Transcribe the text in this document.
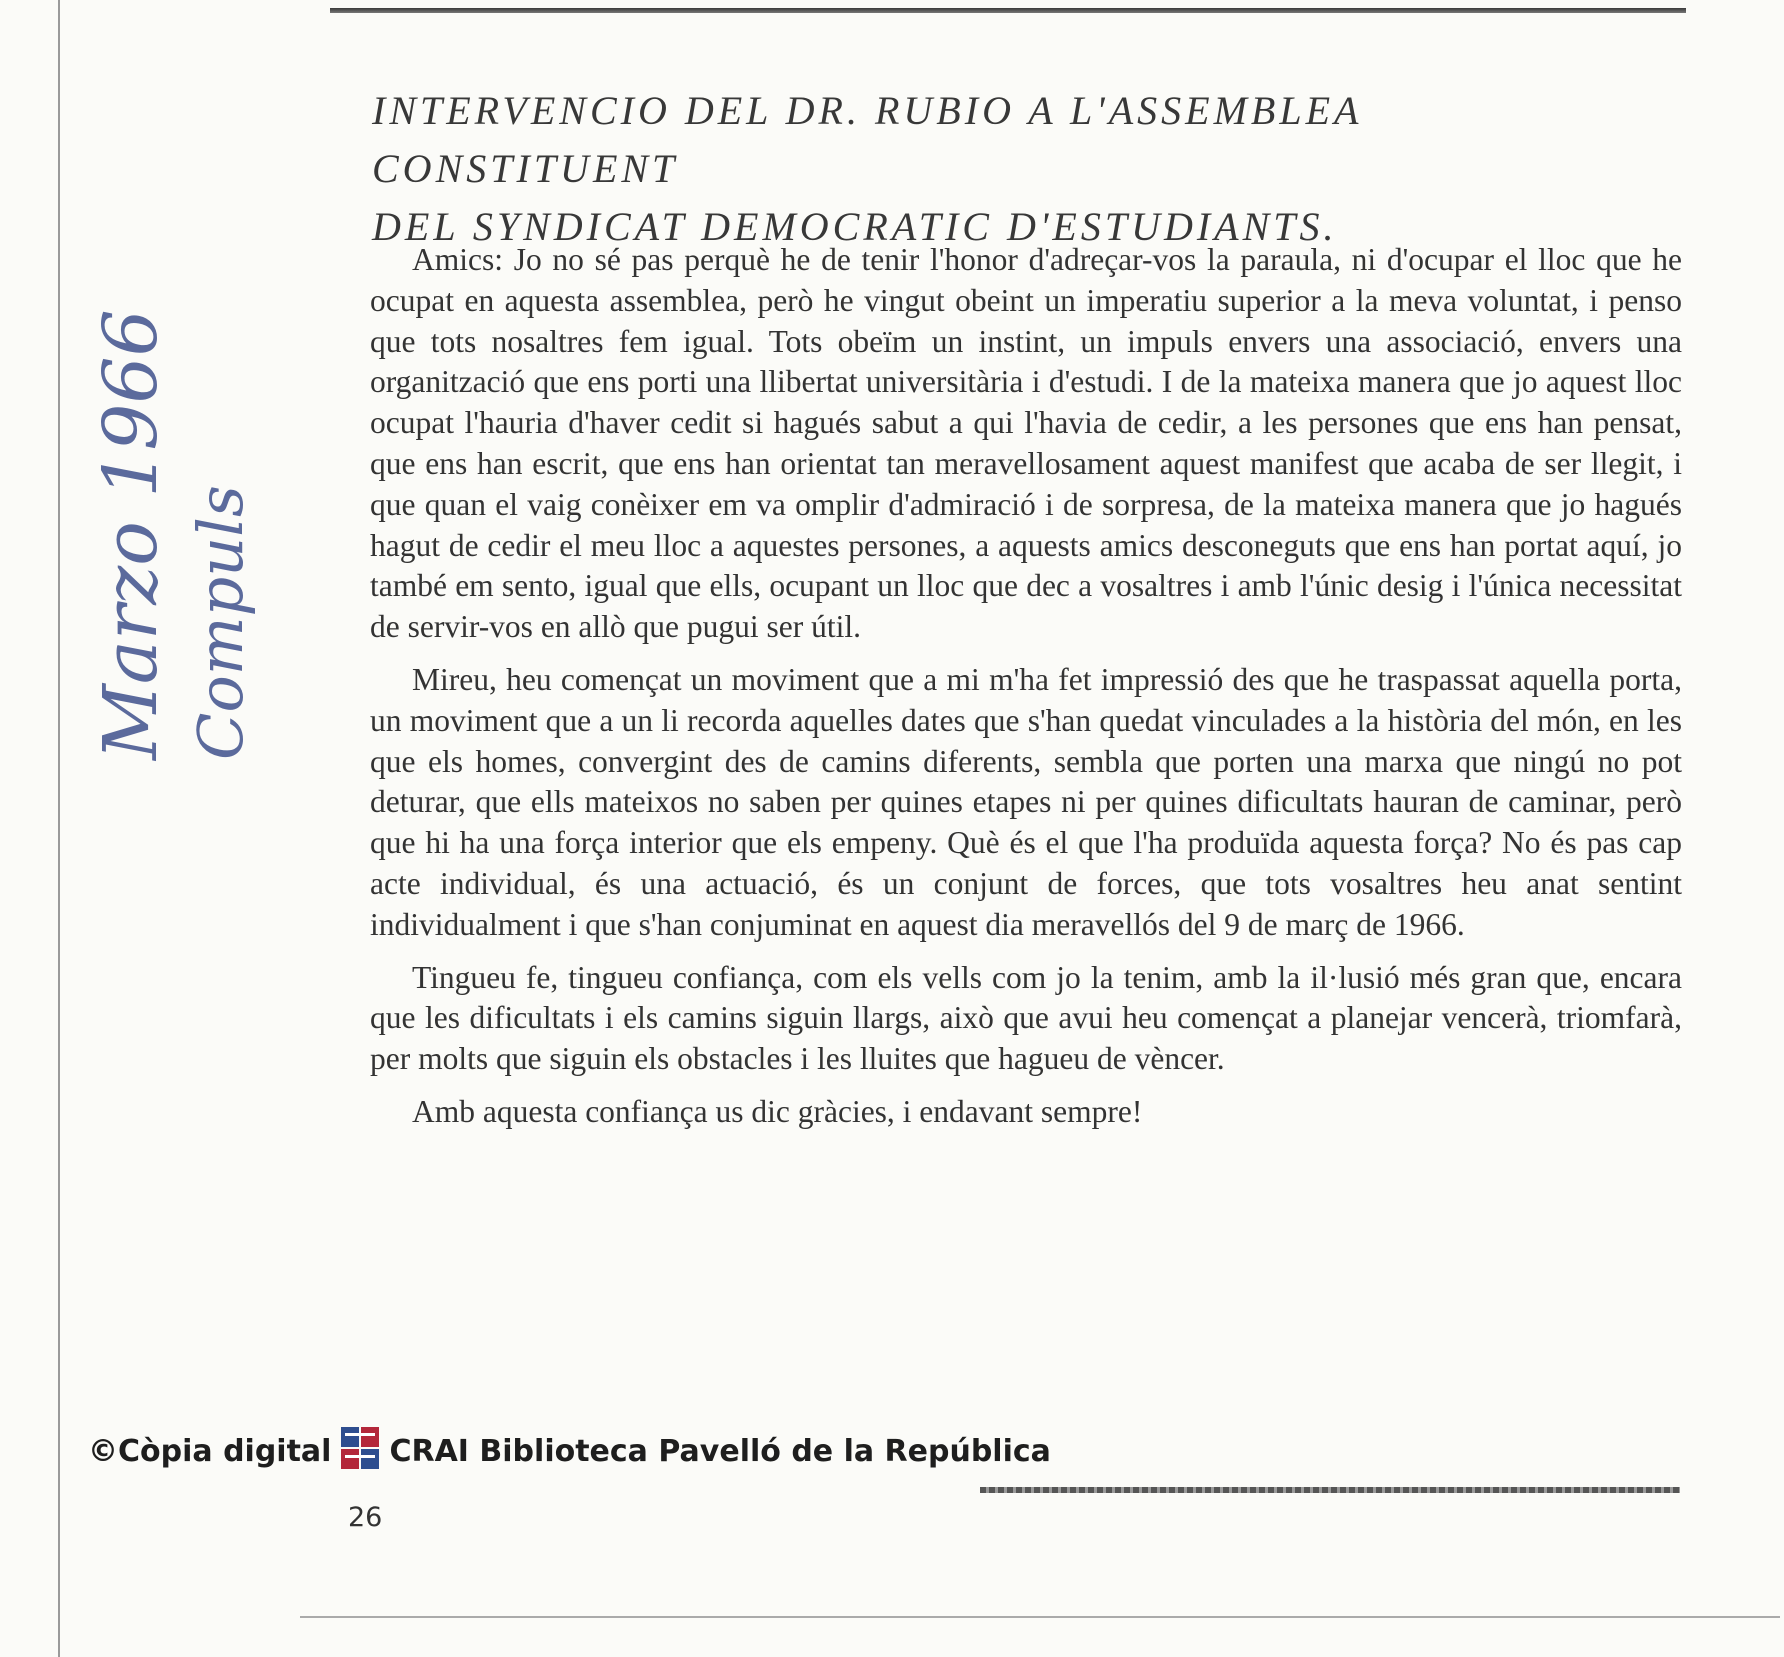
Marzo 1966 Compuls
INTERVENCIO DEL DR. RUBIO A L'ASSEMBLEA CONSTITUENT
DEL SYNDICAT DEMOCRATIC D'ESTUDIANTS.

Amics: Jo no sé pas perquè he de tenir l'honor d'adreçar-vos la paraula, ni d'ocupar el lloc que he ocupat en aquesta assemblea, però he vingut obeint un imperatiu superior a la meva voluntat, i penso que tots nosaltres fem igual. Tots obeïm un instint, un impuls envers una associació, envers una organització que ens porti una llibertat universitària i d'estudi. I de la mateixa manera que jo aquest lloc ocupat l'hauria d'haver cedit si hagués sabut a qui l'havia de cedir, a les persones que ens han pensat, que ens han escrit, que ens han orientat tan meravellosament aquest manifest que acaba de ser llegit, i que quan el vaig conèixer em va omplir d'admiració i de sorpresa, de la mateixa manera que jo hagués hagut de cedir el meu lloc a aquestes persones, a aquests amics desconeguts que ens han portat aquí, jo també em sento, igual que ells, ocupant un lloc que dec a vosaltres i amb l'únic desig i l'única necessitat de servir-vos en allò que pugui ser útil.

Mireu, heu començat un moviment que a mi m'ha fet impressió des que he traspassat aquella porta, un moviment que a un li recorda aquelles dates que s'han quedat vinculades a la història del món, en les que els homes, convergint des de camins diferents, sembla que porten una marxa que ningú no pot deturar, que ells mateixos no saben per quines etapes ni per quines dificultats hauran de caminar, però que hi ha una força interior que els empeny. Què és el que l'ha produïda aquesta força? No és pas cap acte individual, és una actuació, és un conjunt de forces, que tots vosaltres heu anat sentint individualment i que s'han conjuminat en aquest dia meravellós del 9 de març de 1966.

Tingueu fe, tingueu confiança, com els vells com jo la tenim, amb la il·lusió més gran que, encara que les dificultats i els camins siguin llargs, això que avui heu començat a planejar vencerà, triomfarà, per molts que siguin els obstacles i les lluites que hagueu de vèncer.

Amb aquesta confiança us dic gràcies, i endavant sempre!

©Còpia digital CRAI Biblioteca Pavelló de la República
26
